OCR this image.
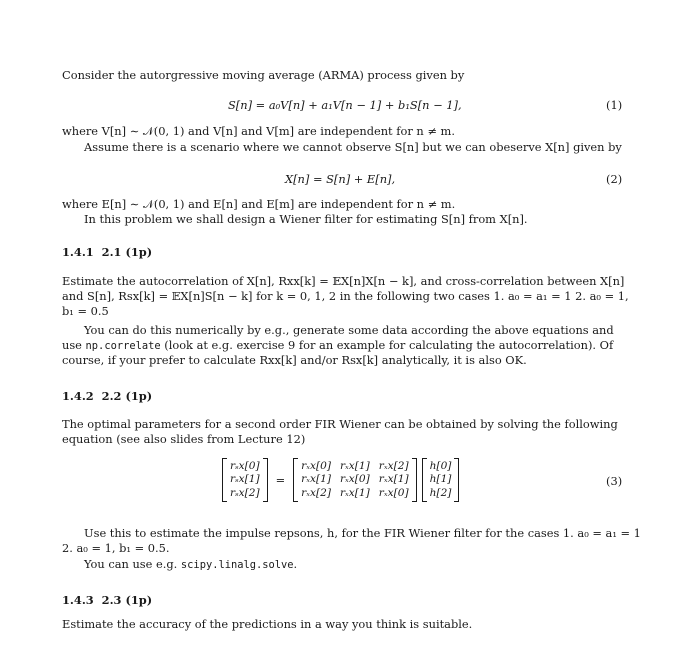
Consider the autorgressive moving average (ARMA) process given by
S[n] = a₀V[n] + a₁V[n − 1] + b₁S[n − 1],	(1)
where V[n] ∼ 𝒩(0, 1) and V[n] and V[m] are independent for n ≠ m.
Assume there is a scenario where we cannot observe S[n] but we can obeserve X[n] given by
X[n] = S[n] + E[n],	(2)
where E[n] ∼ 𝒩(0, 1) and E[n] and E[m] are independent for n ≠ m.
In this problem we shall design a Wiener filter for estimating S[n] from X[n].
1.4.1 2.1 (1p)
Estimate the autocorrelation of X[n], Rxx[k] = 𝔼X[n]X[n − k], and cross-correlation between X[n]
and S[n], Rsx[k] = 𝔼X[n]S[n − k] for k = 0, 1, 2 in the following two cases 1. a₀ = a₁ = 1 2. a₀ = 1,
b₁ = 0.5
You can do this numerically by e.g., generate some data according the above equations and
use np.correlate (look at e.g. exercise 9 for an example for calculating the autocorrelation). Of
course, if your prefer to calculate Rxx[k] and/or Rsx[k] analytically, it is also OK.
1.4.2 2.2 (1p)
The optimal parameters for a second order FIR Wiener can be obtained by solving the following
equation (see also slides from Lecture 12)
rₛx[0]
rₛx[1]
rₛx[2]
=
rₓx[0] rₓx[1] rₓx[2]
rₓx[1] rₓx[0] rₓx[1]
rₓx[2] rₓx[1] rₓx[0]
h[0]
h[1]
h[2]
(3)
Use this to estimate the impulse repsons, h, for the FIR Wiener filter for the cases 1. a₀ = a₁ = 1
2. a₀ = 1, b₁ = 0.5.
You can use e.g. scipy.linalg.solve.
1.4.3 2.3 (1p)
Estimate the accuracy of the predictions in a way you think is suitable.
